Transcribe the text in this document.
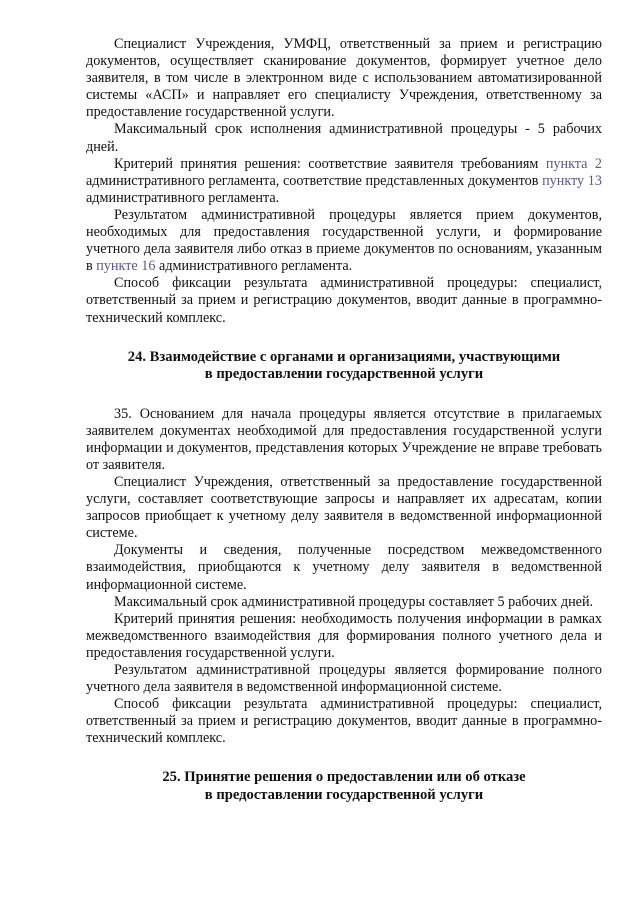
Специалист Учреждения, УМФЦ, ответственный за прием и регистрацию документов, осуществляет сканирование документов, формирует учетное дело заявителя, в том числе в электронном виде с использованием автоматизированной системы «АСП» и направляет его специалисту Учреждения, ответственному за предоставление государственной услуги.

Максимальный срок исполнения административной процедуры - 5 рабочих дней.

Критерий принятия решения: соответствие заявителя требованиям пункта 2 административного регламента, соответствие представленных документов пункту 13 административного регламента.

Результатом административной процедуры является прием документов, необходимых для предоставления государственной услуги, и формирование учетного дела заявителя либо отказ в приеме документов по основаниям, указанным в пункте 16 административного регламента.

Способ фиксации результата административной процедуры: специалист, ответственный за прием и регистрацию документов, вводит данные в программно-технический комплекс.

24. Взаимодействие с органами и организациями, участвующими
в предоставлении государственной услуги

35. Основанием для начала процедуры является отсутствие в прилагаемых заявителем документах необходимой для предоставления государственной услуги информации и документов, представления которых Учреждение не вправе требовать от заявителя.

Специалист Учреждения, ответственный за предоставление государственной услуги, составляет соответствующие запросы и направляет их адресатам, копии запросов приобщает к учетному делу заявителя в ведомственной информационной системе.

Документы и сведения, полученные посредством межведомственного взаимодействия, приобщаются к учетному делу заявителя в ведомственной информационной системе.

Максимальный срок административной процедуры составляет 5 рабочих дней.

Критерий принятия решения: необходимость получения информации в рамках межведомственного взаимодействия для формирования полного учетного дела и предоставления государственной услуги.

Результатом административной процедуры является формирование полного учетного дела заявителя в ведомственной информационной системе.

Способ фиксации результата административной процедуры: специалист, ответственный за прием и регистрацию документов, вводит данные в программно-технический комплекс.

25. Принятие решения о предоставлении или об отказе
в предоставлении государственной услуги
